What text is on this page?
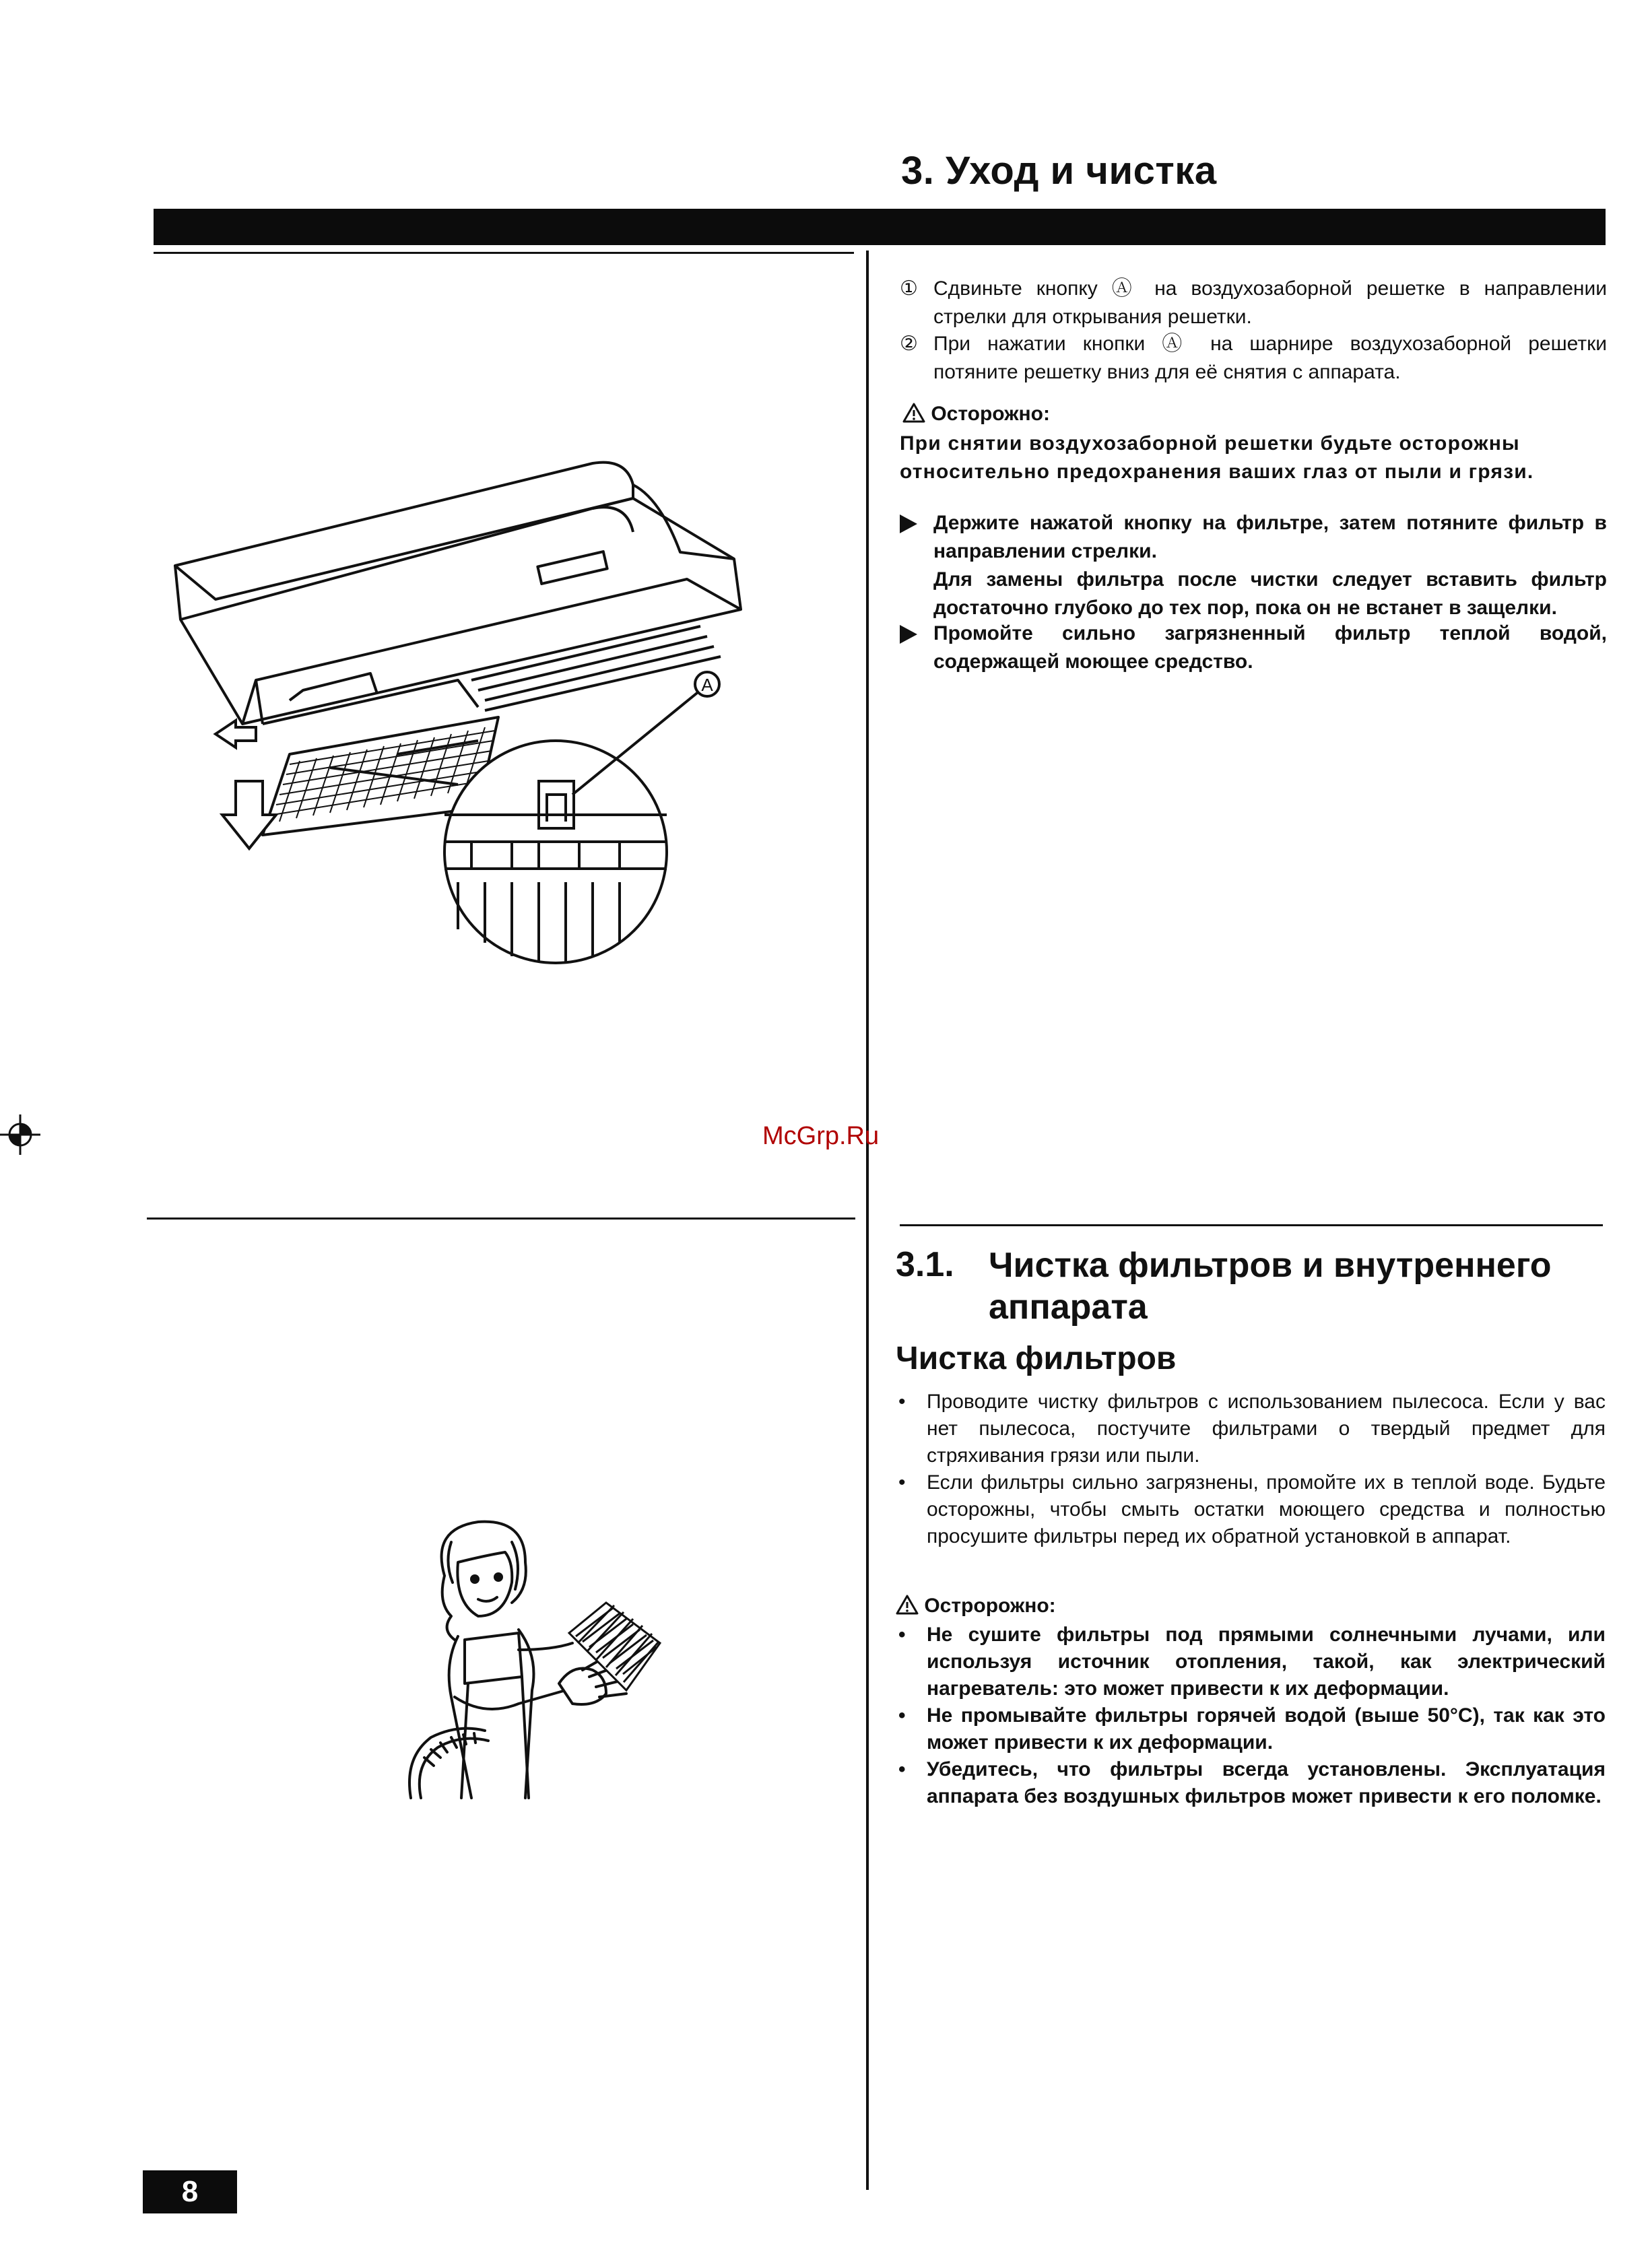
3. Уход и чистка
① Сдвиньте кнопку Ⓐ на воздухозаборной решетке в направлении стрелки для открывания решетки.
② При нажатии кнопки Ⓐ на шарнире воздухозаборной решетки потяните решетку вниз для её снятия с аппарата.
Осторожно:
При снятии воздухозаборной решетки будьте осторожны относительно предохранения ваших глаз от пыли и грязи.
Держите нажатой кнопку на фильтре, затем потяните фильтр в направлении стрелки.
Для замены фильтра после чистки следует вставить фильтр достаточно глубоко до тех пор, пока он не встанет в защелки.
Промойте сильно загрязненный фильтр теплой водой, содержащей моющее средство.
A
McGrp.Ru
3.1. Чистка фильтров и внутреннего аппарата
Чистка фильтров
•	Проводите чистку фильтров с использованием пылесоса. Если у вас нет пылесоса, постучите фильтрами о твердый предмет для стряхивания грязи или пыли.
•	Если фильтры сильно загрязнены, промойте их в теплой воде. Будьте осторожны, чтобы смыть остатки моющего средства и полностью просушите фильтры перед их обратной установкой в аппарат.
Остророжно:
•	Не сушите фильтры под прямыми солнечными лучами, или используя источник отопления, такой, как электрический нагреватель: это может привести к их деформации.
•	Не промывайте фильтры горячей водой (выше 50°C), так как это может привести к их деформации.
•	Убедитесь, что фильтры всегда установлены. Эксплуатация аппарата без воздушных фильтров может привести к его поломке.
8
